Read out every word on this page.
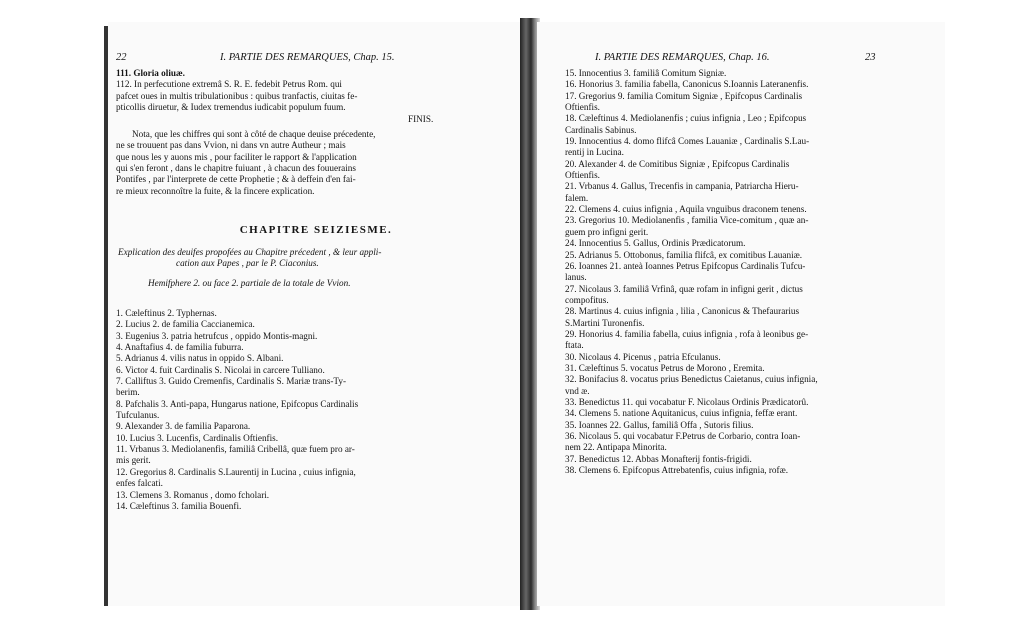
22	I. PARTIE DES REMARQUES, Chap. 15.
111. Gloria oliuæ.
112. In perfecutione extremâ S. R. E. fedebit Petrus Rom. qui
pafcet oues in multis tribulationibus : quibus tranfactis, ciuitas fe-
pticollis diruetur, & Iudex tremendus iudicabit populum fuum.
FINIS.
Nota, que les chiffres qui sont à côté de chaque deuise précedente,
ne se trouuent pas dans Vvion, ni dans vn autre Autheur ; mais
que nous les y auons mis , pour faciliter le rapport & l'application
qui s'en feront , dans le chapitre fuiuant , à chacun des fouuerains
Pontifes , par l'interprete de cette Prophetie ; & à deffein d'en fai-
re mieux reconnoître la fuite, & la fincere explication.
CHAPITRE SEIZIESME.
Explication des deuifes propofées au Chapitre précedent , & leur appli-
cation aux Papes , par le P. Ciaconius.
Hemifphere 2. ou face 2. partiale de la totale de Vvion.
1. Cæleftinus 2. Typhernas.
2. Lucius 2. de familia Caccianemica.
3. Eugenius 3. patria hetrufcus , oppido Montis-magni.
4. Anaftafius 4. de familia fuburra.
5. Adrianus 4. vilis natus in oppido S. Albani.
6. Victor 4. fuit Cardinalis S. Nicolai in carcere Tulliano.
7. Calliftus 3. Guido Cremenfis, Cardinalis S. Mariæ trans-Ty-
berim.
8. Pafchalis 3. Anti-papa, Hungarus natione, Epifcopus Cardinalis
Tufculanus.
9. Alexander 3. de familia Paparona.
10. Lucius 3. Lucenfis, Cardinalis Oftienfis.
11. Vrbanus 3. Mediolanenfis, familiâ Cribellâ, quæ fuem pro ar-
mis gerit.
12. Gregorius 8. Cardinalis S.Laurentij in Lucina , cuius infignia,
enfes falcati.
13. Clemens 3. Romanus , domo fcholari.
14. Cæleftinus 3. familia Bouenfi.
I. PARTIE DES REMARQUES, Chap. 16.	23
15. Innocentius 3. familiâ Comitum Signiæ.
16. Honorius 3. familia fabella, Canonicus S.Ioannis Lateranenfis.
17. Gregorius 9. familia Comitum Signiæ , Epifcopus Cardinalis
Oftienfis.
18. Cæleftinus 4. Mediolanenfis ; cuius infignia , Leo ; Epifcopus
Cardinalis Sabinus.
19. Innocentius 4. domo flifcâ Comes Lauaniæ , Cardinalis S.Lau-
rentij in Lucina.
20. Alexander 4. de Comitibus Signiæ , Epifcopus Cardinalis
Oftienfis.
21. Vrbanus 4. Gallus, Trecenfis in campania, Patriarcha Hieru-
falem.
22. Clemens 4. cuius infignia , Aquila vnguibus draconem tenens.
23. Gregorius 10. Mediolanenfis , familia Vice-comitum , quæ an-
guem pro infigni gerit.
24. Innocentius 5. Gallus, Ordinis Prædicatorum.
25. Adrianus 5. Ottobonus, familia flifcâ, ex comitibus Lauaniæ.
26. Ioannes 21. anteà Ioannes Petrus Epifcopus Cardinalis Tufcu-
lanus.
27. Nicolaus 3. familiâ Vrfinâ, quæ rofam in infigni gerit , dictus
compofitus.
28. Martinus 4. cuius infignia , lilia , Canonicus & Thefaurarius
S.Martini Turonenfis.
29. Honorius 4. familia fabella, cuius infignia , rofa à leonibus ge-
ftata.
30. Nicolaus 4. Picenus , patria Efculanus.
31. Cæleftinus 5. vocatus Petrus de Morono , Eremita.
32. Bonifacius 8. vocatus prius Benedictus Caietanus, cuius infignia,
vnd æ.
33. Benedictus 11. qui vocabatur F. Nicolaus Ordinis Prædicatorû.
34. Clemens 5. natione Aquitanicus, cuius infignia, feffæ erant.
35. Ioannes 22. Gallus, familiâ Offa , Sutoris filius.
36. Nicolaus 5. qui vocabatur F.Petrus de Corbario, contra Ioan-
nem 22. Antipapa Minorita.
37. Benedictus 12. Abbas Monafterij fontis-frigidi.
38. Clemens 6. Epifcopus Attrebatenfis, cuius infignia, rofæ.
